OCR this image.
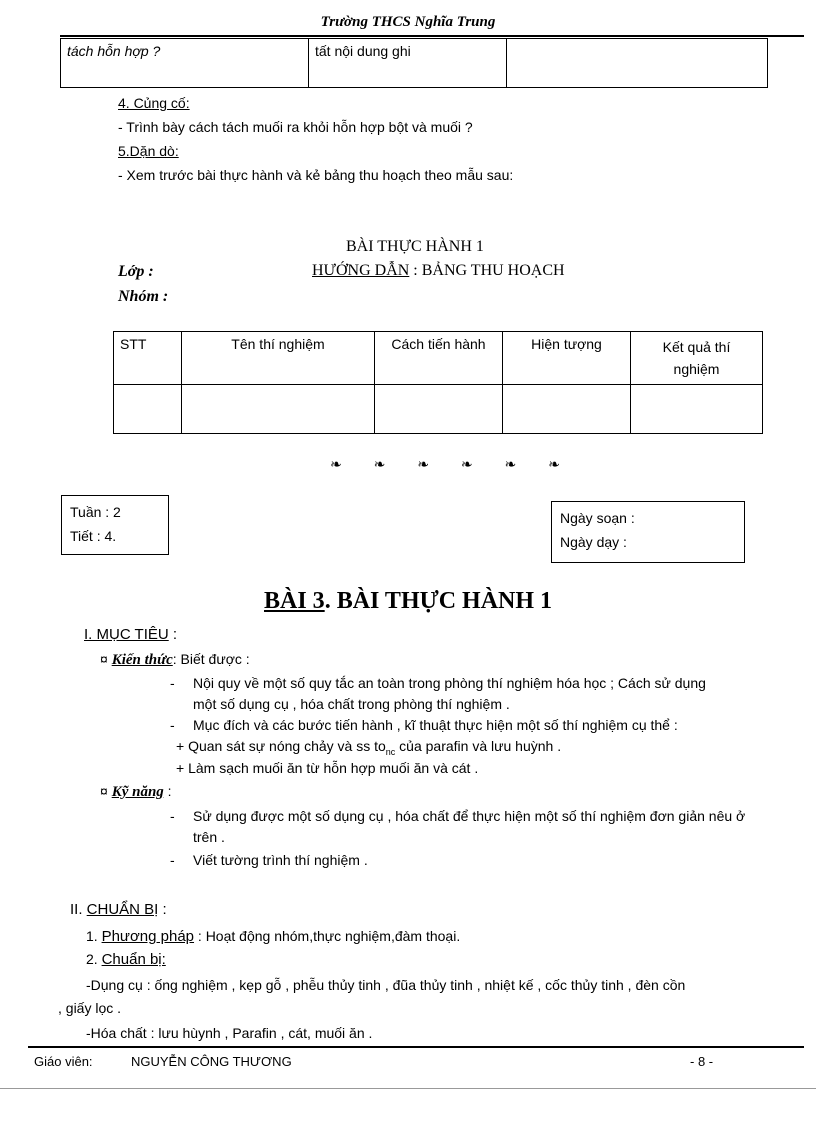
Trường THCS Nghĩa Trung
tách hỗn hợp ?	tất nội dung ghi	
4. Củng cố:
- Trình bày cách tách muối ra khỏi hỗn hợp bột và muối ?
5.Dặn dò:
- Xem trước bài thực hành và kẻ bảng thu hoạch theo mẫu sau:
BÀI THỰC HÀNH 1
Lớp :	HƯỚNG DẪN : BẢNG THU HOẠCH
Nhóm :
STT	Tên thí nghiệm	Cách tiến hành	Hiện tượng	Kết quả thí nghiệm

❧ ❧ ❧ ❧ ❧ ❧
Tuần : 2
Tiết : 4.
Ngày soạn :
Ngày dạy :
BÀI 3. BÀI THỰC HÀNH 1
I. MỤC TIÊU :
¤ Kiến thức: Biết được :
- Nội quy về một số quy tắc an toàn trong phòng thí nghiệm hóa học ; Cách sử dụng
một số dụng cụ , hóa chất trong phòng thí nghiệm .
- Mục đích và các bước tiến hành , kĩ thuật thực hiện một số thí nghiệm cụ thể :
+ Quan sát sự nóng chảy và ss $to_{nc}$ của parafin và lưu huỳnh .
+ Làm sạch muối ăn từ hỗn hợp muối ăn và cát .
¤ Kỹ năng :
- Sử dụng được một số dụng cụ , hóa chất để thực hiện một số thí nghiệm đơn giản nêu ở
trên .
- Viết tường trình thí nghiệm .
II. CHUẨN BỊ :
1. Phương pháp : Hoạt động nhóm,thực nghiệm,đàm thoại.
2. Chuẩn bị:
-Dụng cụ : ống nghiệm , kẹp gỗ , phễu thủy tinh , đũa thủy tinh , nhiệt kế , cốc thủy tinh , đèn cồn
, giấy lọc .
-Hóa chất : lưu hùynh , Parafin , cát, muối ăn .
Giáo viên:	NGUYỄN CÔNG THƯƠNG	- 8 -
